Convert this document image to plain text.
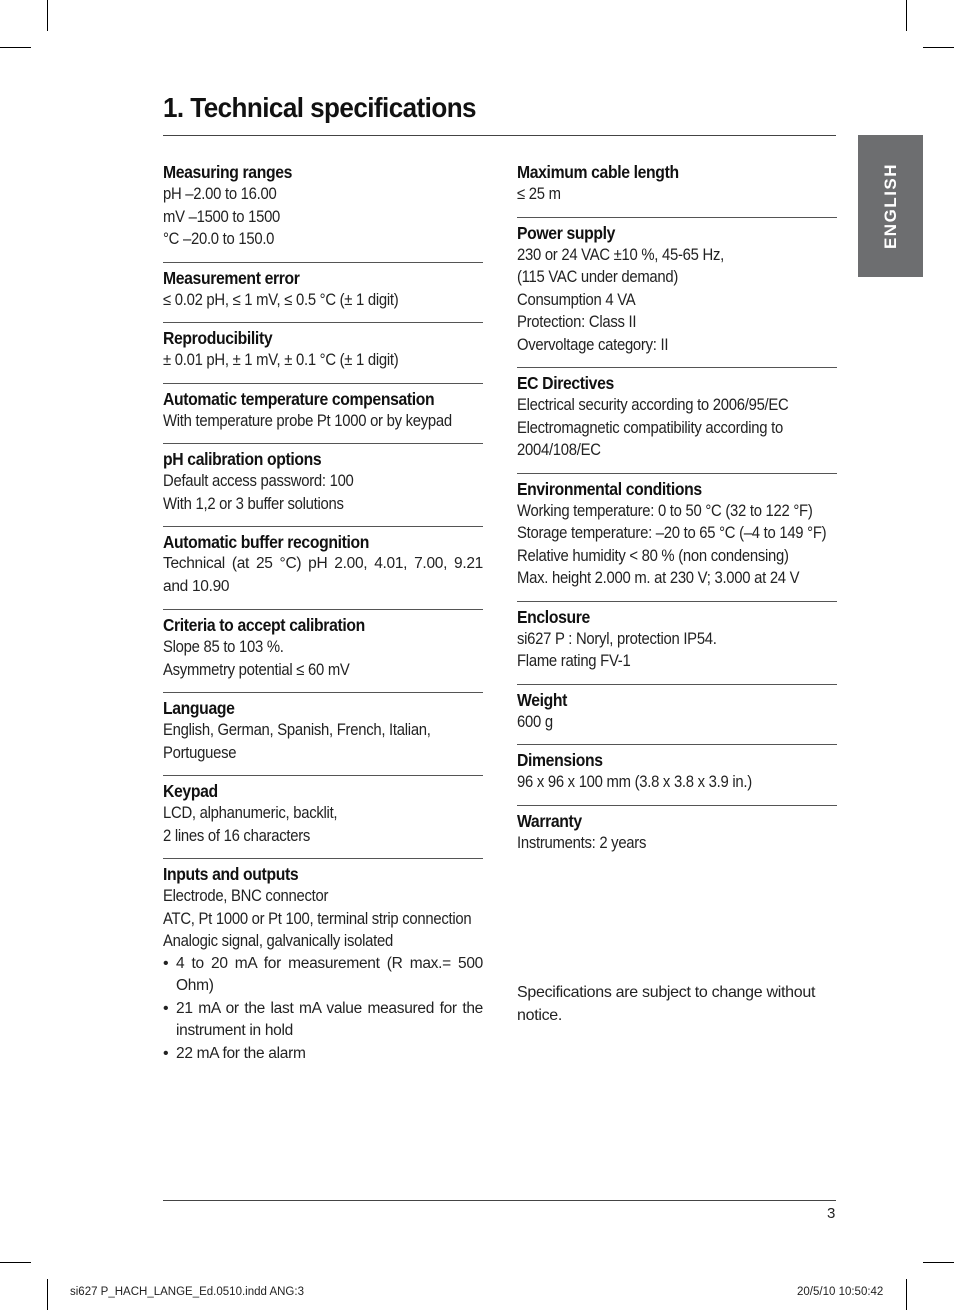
1. Technical specifications
ENGLISH
Measuring ranges
pH –2.00 to 16.00
mV –1500 to 1500
°C –20.0 to 150.0
Measurement error
≤ 0.02 pH, ≤ 1 mV, ≤ 0.5 °C (± 1 digit)
Reproducibility
± 0.01 pH, ± 1 mV, ± 0.1 °C (± 1 digit)
Automatic temperature compensation
With temperature probe Pt 1000 or by keypad
pH calibration options
Default access password: 100
With 1,2 or 3 buffer solutions
Automatic buffer recognition
Technical (at 25 °C) pH 2.00, 4.01, 7.00, 9.21 and 10.90
Criteria to accept calibration
Slope 85 to 103 %.
Asymmetry potential ≤ 60 mV
Language
English, German, Spanish, French, Italian,
Portuguese
Keypad
LCD, alphanumeric, backlit,
2 lines of 16 characters
Inputs and outputs
Electrode, BNC connector
ATC, Pt 1000 or Pt 100, terminal strip connection
Analogic signal, galvanically isolated
• 4 to 20 mA for measurement (R max.= 500 Ohm)
• 21 mA or the last mA value measured for the instrument in hold
• 22 mA for the alarm
Maximum cable length
≤ 25 m
Power supply
230 or 24 VAC ±10 %, 45-65 Hz,
(115 VAC under demand)
Consumption 4 VA
Protection: Class II
Overvoltage category: II
EC Directives
Electrical security according to 2006/95/EC
Electromagnetic compatibility according to
2004/108/EC
Environmental conditions
Working temperature: 0 to 50 °C (32 to 122 °F)
Storage temperature: –20 to 65 °C (–4 to 149 °F)
Relative humidity < 80 % (non condensing)
Max. height 2.000 m. at 230 V; 3.000 at 24 V
Enclosure
si627 P : Noryl, protection IP54.
Flame rating FV-1
Weight
600 g
Dimensions
96 x 96 x 100 mm (3.8 x 3.8 x 3.9 in.)
Warranty
Instruments: 2 years
Specifications are subject to change without notice.
3
si627 P_HACH_LANGE_Ed.0510.indd ANG:3	20/5/10 10:50:42
